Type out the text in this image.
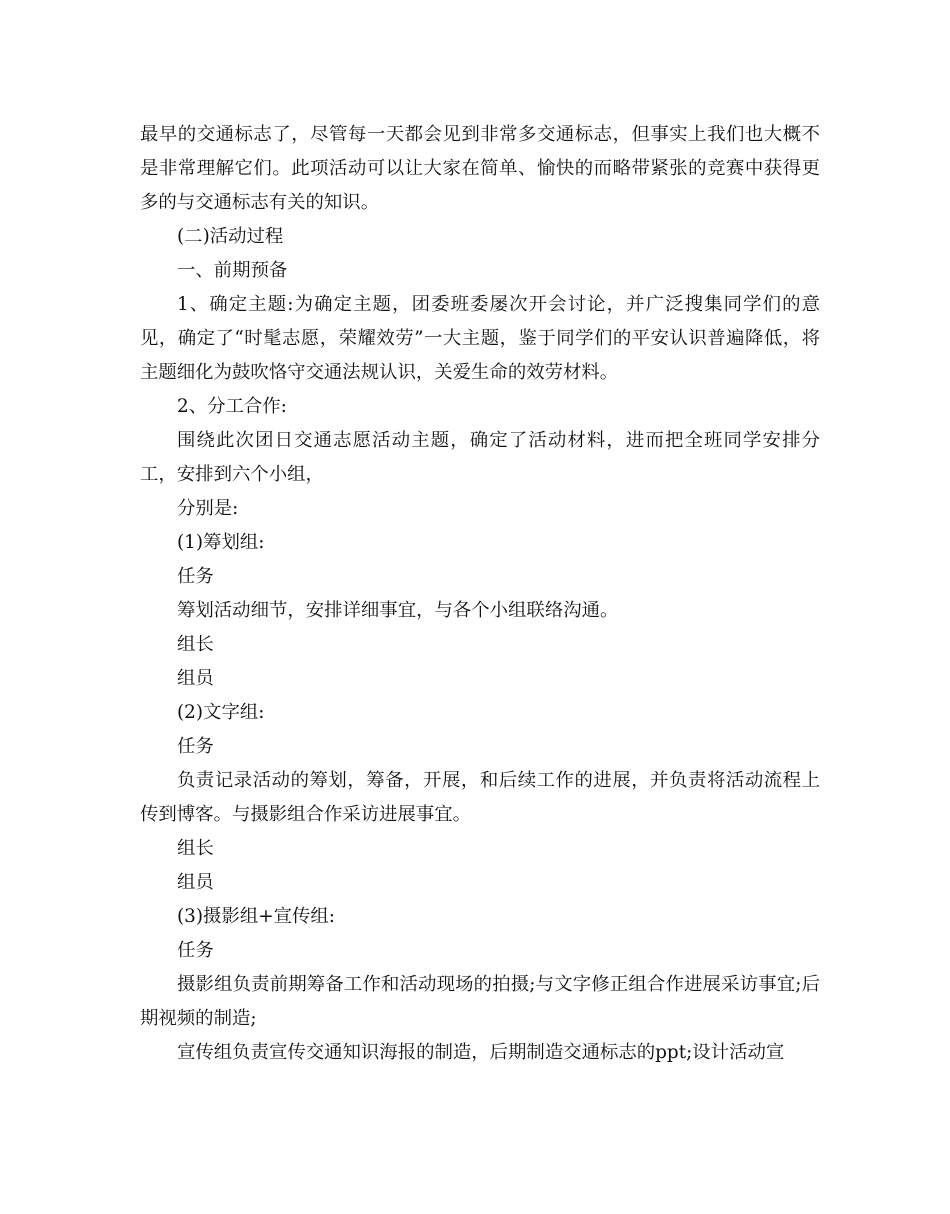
最早的交通标志了，尽管每一天都会见到非常多交通标志，但事实上我们也大概不是非常理解它们。此项活动可以让大家在简单、愉快的而略带紧张的竞赛中获得更多的与交通标志有关的知识。

(二)活动过程

一、前期预备

1、确定主题:为确定主题，团委班委屡次开会讨论，并广泛搜集同学们的意见，确定了“时髦志愿，荣耀效劳”一大主题，鉴于同学们的平安认识普遍降低，将主题细化为鼓吹恪守交通法规认识，关爱生命的效劳材料。

2、分工合作:

围绕此次团日交通志愿活动主题，确定了活动材料，进而把全班同学安排分工，安排到六个小组，

分别是:

(1)筹划组:

任务

筹划活动细节，安排详细事宜，与各个小组联络沟通。

组长

组员

(2)文字组:

任务

负责记录活动的筹划，筹备，开展，和后续工作的进展，并负责将活动流程上传到博客。与摄影组合作采访进展事宜。

组长

组员

(3)摄影组+宣传组:

任务

摄影组负责前期筹备工作和活动现场的拍摄;与文字修正组合作进展采访事宜;后期视频的制造;

宣传组负责宣传交通知识海报的制造，后期制造交通标志的ppt;设计活动宣
